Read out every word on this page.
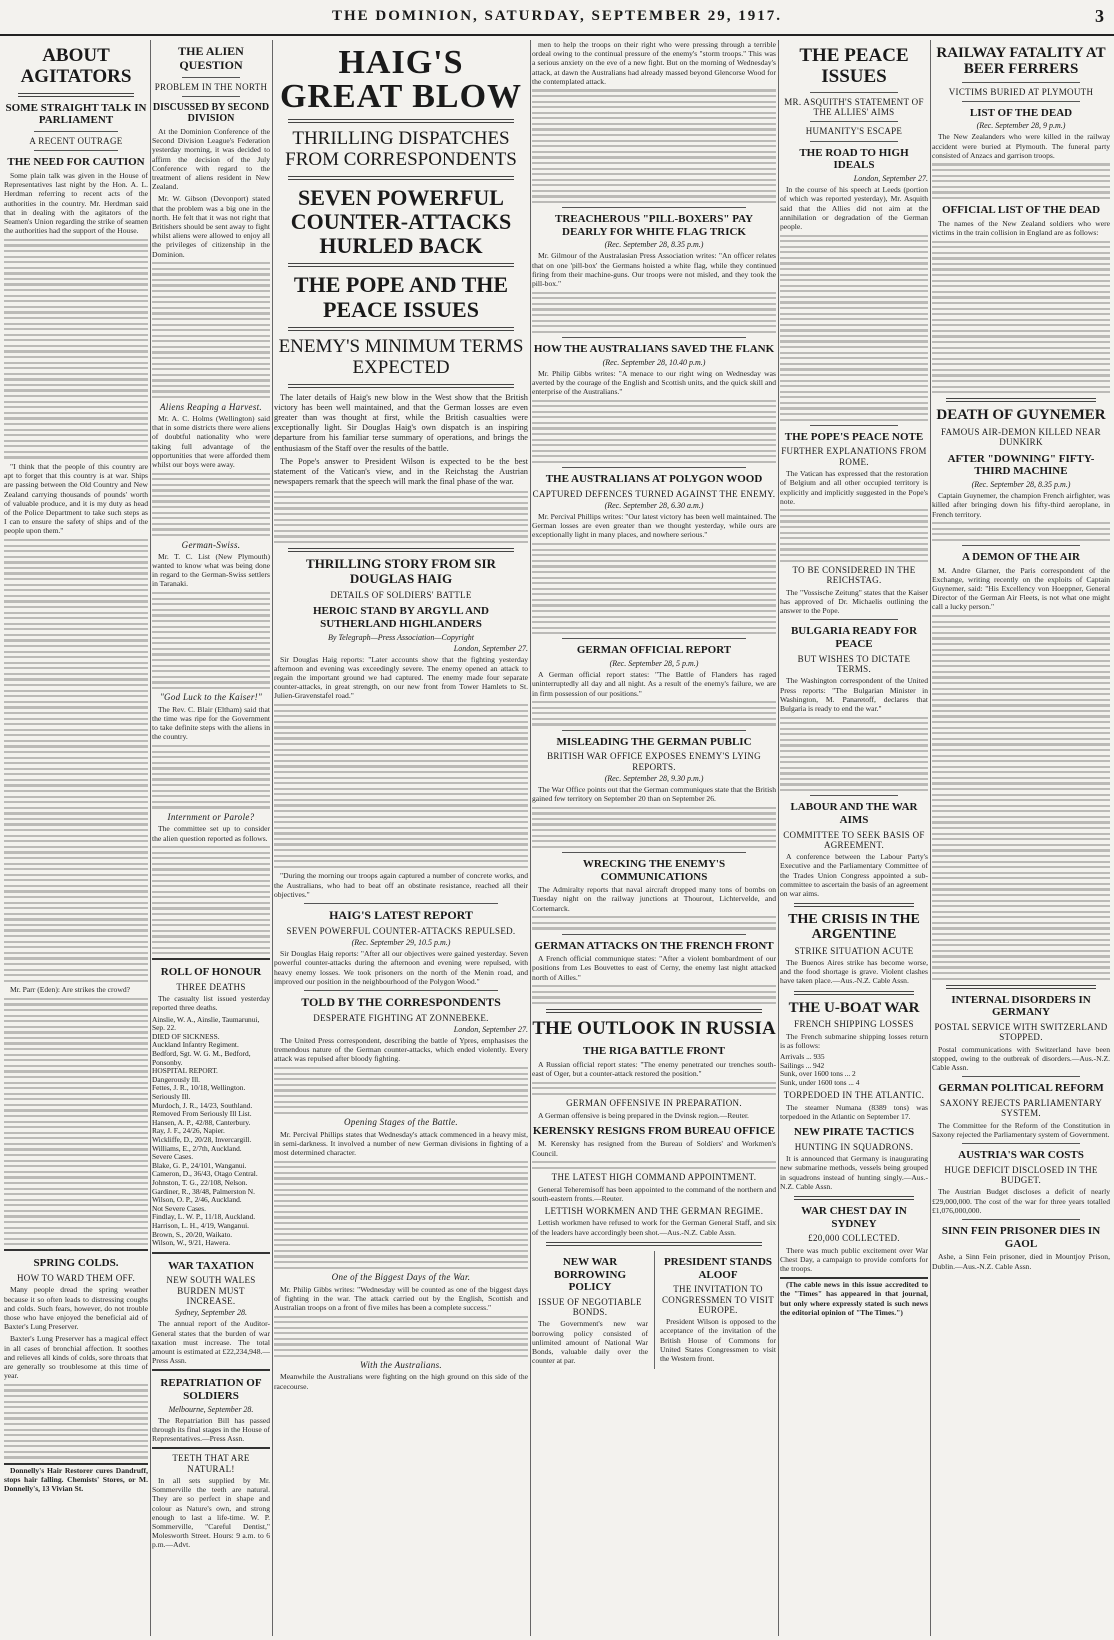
THE DOMINION, SATURDAY, SEPTEMBER 29, 1917.	3
ABOUT AGITATORS
SOME STRAIGHT TALK IN PARLIAMENT
A RECENT OUTRAGE
THE NEED FOR CAUTION

Some plain talk was given in the House of Representatives last night by the Hon. A. L. Herdman referring to recent acts of the authorities in the country. Mr. Herdman said that in dealing with the agitators of the Seamen's Union regarding the strike of seamen the authorities had the support of the House.

"I think that the people of this country are apt to forget that this country is at war. Ships are passing between the Old Country and New Zealand carrying thousands of pounds' worth of valuable produce, and it is my duty as head of the Police Department to take such steps as I can to ensure the safety of ships and of the people upon them."

Mr. Parr (Eden): Are strikes the crowd?

SPRING COLDS.
HOW TO WARD THEM OFF.

Many people dread the spring weather because it so often leads to distressing coughs and colds. Such fears, however, do not trouble those who have enjoyed the beneficial aid of Baxter's Lung Preserver.

Baxter's Lung Preserver has a magical effect in all cases of bronchial affection. It soothes and relieves all kinds of colds, sore throats that are generally so troublesome at this time of year.

Donnelly's Hair Restorer cures Dandruff, stops hair falling. Chemists' Stores, or M. Donnelly's, 13 Vivian St.

THE ALIEN QUESTION
PROBLEM IN THE NORTH
DISCUSSED BY SECOND DIVISION

At the Dominion Conference of the Second Division League's Federation yesterday morning, it was decided to affirm the decision of the July Conference with regard to the treatment of aliens resident in New Zealand.

Mr. W. Gibson (Devonport) stated that the problem was a big one in the north. He felt that it was not right that Britishers should be sent away to fight whilst aliens were allowed to enjoy all the privileges of citizenship in the Dominion.

Aliens Reaping a Harvest.

Mr. A. C. Holms (Wellington) said that in some districts there were aliens of doubtful nationality who were taking full advantage of the opportunities that were afforded them whilst our boys were away.

German-Swiss.

Mr. T. C. List (New Plymouth) wanted to know what was being done in regard to the German-Swiss settlers in Taranaki.

"God Luck to the Kaiser!"

The Rev. C. Blair (Eltham) said that the time was ripe for the Government to take definite steps with the aliens in the country.

Internment or Parole?

The committee set up to consider the alien question reported as follows.

ROLL OF HONOUR
THREE DEATHS

The casualty list issued yesterday reported three deaths.

Ainslie, W. A., Ainslie, Taumarunui, Sep. 22.
DIED OF SICKNESS.
Auckland Infantry Regiment.
Bedford, Sgt. W. G. M., Bedford, Ponsonby.
HOSPITAL REPORT.
Dangerously Ill.
Fettes, J. R., 10/18, Wellington.
Seriously Ill.
Murdoch, J. R., 14/23, Southland.
Removed From Seriously Ill List.
Hansen, A. P., 42/88, Canterbury.
Ray, J. F., 24/26, Napier.
Wickliffe, D., 20/28, Invercargill.
Williams, E., 2/7th, Auckland.
Severe Cases.
Blake, G. P., 24/101, Wanganui.
Cameron, D., 36/43, Otago Central.
Johnston, T. G., 22/108, Nelson.
Gardiner, R., 38/48, Palmerston N.
Wilson, O. P., 2/46, Auckland.
Not Severe Cases.
Findlay, L. W. P., 11/18, Auckland.
Harrison, L. H., 4/19, Wanganui.
Brown, S., 20/20, Waikato.
Wilson, W., 9/21, Hawera.
WAR TAXATION
NEW SOUTH WALES BURDEN MUST INCREASE.
Sydney, September 28.

The annual report of the Auditor-General states that the burden of war taxation must increase. The total amount is estimated at £22,234,948.—Press Assn.

REPATRIATION OF SOLDIERS
Melbourne, September 28.

The Repatriation Bill has passed through its final stages in the House of Representatives.—Press Assn.

TEETH THAT ARE NATURAL!

In all sets supplied by Mr. Sommerville the teeth are natural. They are so perfect in shape and colour as Nature's own, and strong enough to last a life-time. W. P. Sommerville, "Careful Dentist," Molesworth Street. Hours: 9 a.m. to 6 p.m.—Advt.

HAIG'S GREAT BLOW
THRILLING DISPATCHES FROM CORRESPONDENTS
SEVEN POWERFUL COUNTER-ATTACKS HURLED BACK
THE POPE AND THE PEACE ISSUES
ENEMY'S MINIMUM TERMS EXPECTED

The later details of Haig's new blow in the West show that the British victory has been well maintained, and that the German losses are even greater than was thought at first, while the British casualties were exceptionally light. Sir Douglas Haig's own dispatch is an inspiring departure from his familiar terse summary of operations, and brings the enthusiasm of the Staff over the results of the battle.

The Pope's answer to President Wilson is expected to be the best statement of the Vatican's view, and in the Reichstag the Austrian newspapers remark that the speech will mark the final phase of the war.

THRILLING STORY FROM SIR DOUGLAS HAIG
DETAILS OF SOLDIERS' BATTLE
HEROIC STAND BY ARGYLL AND SUTHERLAND HIGHLANDERS
By Telegraph—Press Association—Copyright
London, September 27.

Sir Douglas Haig reports: "Later accounts show that the fighting yesterday afternoon and evening was exceedingly severe. The enemy opened an attack to regain the important ground we had captured. The enemy made four separate counter-attacks, in great strength, on our new front from Tower Hamlets to St. Julien-Gravenstafel road."

"During the morning our troops again captured a number of concrete works, and the Australians, who had to beat off an obstinate resistance, reached all their objectives."

HAIG'S LATEST REPORT
SEVEN POWERFUL COUNTER-ATTACKS REPULSED.
(Rec. September 29, 10.5 p.m.)

Sir Douglas Haig reports: "After all our objectives were gained yesterday. Seven powerful counter-attacks during the afternoon and evening were repulsed, with heavy enemy losses. We took prisoners on the north of the Menin road, and improved our position in the neighbourhood of the Polygon Wood."

TOLD BY THE CORRESPONDENTS
DESPERATE FIGHTING AT ZONNEBEKE.
London, September 27.

The United Press correspondent, describing the battle of Ypres, emphasises the tremendous nature of the German counter-attacks, which ended violently. Every attack was repulsed after bloody fighting.

Opening Stages of the Battle.

Mr. Percival Phillips states that Wednesday's attack commenced in a heavy mist, in semi-darkness. It involved a number of new German divisions in fighting of a most determined character.

One of the Biggest Days of the War.

Mr. Philip Gibbs writes: "Wednesday will be counted as one of the biggest days of fighting in the war. The attack carried out by the English, Scottish and Australian troops on a front of five miles has been a complete success."

With the Australians.

Meanwhile the Australians were fighting on the high ground on this side of the racecourse.

men to help the troops on their right who were pressing through a terrible ordeal owing to the continual pressure of the enemy's "storm troops." This was a serious anxiety on the eve of a new fight. But on the morning of Wednesday's attack, at dawn the Australians had already massed beyond Glencorse Wood for the contemplated attack.

TREACHEROUS "PILL-BOXERS" PAY DEARLY FOR WHITE FLAG TRICK
(Rec. September 28, 8.35 p.m.)

Mr. Gilmour of the Australasian Press Association writes: "An officer relates that on one 'pill-box' the Germans hoisted a white flag, while they continued firing from their machine-guns. Our troops were not misled, and they took the pill-box."

HOW THE AUSTRALIANS SAVED THE FLANK
(Rec. September 28, 10.40 p.m.)

Mr. Philip Gibbs writes: "A menace to our right wing on Wednesday was averted by the courage of the English and Scottish units, and the quick skill and enterprise of the Australians."

THE AUSTRALIANS AT POLYGON WOOD
CAPTURED DEFENCES TURNED AGAINST THE ENEMY.
(Rec. September 28, 6.30 a.m.)

Mr. Percival Phillips writes: "Our latest victory has been well maintained. The German losses are even greater than we thought yesterday, while ours are exceptionally light in many places, and nowhere serious."

GERMAN OFFICIAL REPORT
(Rec. September 28, 5 p.m.)

A German official report states: "The Battle of Flanders has raged uninterruptedly all day and all night. As a result of the enemy's failure, we are in firm possession of our positions."

MISLEADING THE GERMAN PUBLIC
BRITISH WAR OFFICE EXPOSES ENEMY'S LYING REPORTS.
(Rec. September 28, 9.30 p.m.)

The War Office points out that the German communiques state that the British gained few territory on September 20 than on September 26.

WRECKING THE ENEMY'S COMMUNICATIONS

The Admiralty reports that naval aircraft dropped many tons of bombs on Tuesday night on the railway junctions at Thourout, Lichtervelde, and Cortemarck.

GERMAN ATTACKS ON THE FRENCH FRONT

A French official communique states: "After a violent bombardment of our positions from Les Bouvettes to east of Cerny, the enemy last night attacked north of Ailles."

THE OUTLOOK IN RUSSIA
THE RIGA BATTLE FRONT

A Russian official report states: "The enemy penetrated our trenches south-east of Oger, but a counter-attack restored the position."

GERMAN OFFENSIVE IN PREPARATION.

A German offensive is being prepared in the Dvinsk region.—Reuter.

KERENSKY RESIGNS FROM BUREAU OFFICE

M. Kerensky has resigned from the Bureau of Soldiers' and Workmen's Council.

THE LATEST HIGH COMMAND APPOINTMENT.

General Teheremisoff has been appointed to the command of the northern and south-eastern fronts.—Reuter.

LETTISH WORKMEN AND THE GERMAN REGIME.

Lettish workmen have refused to work for the German General Staff, and six of the leaders have accordingly been shot.—Aus.-N.Z. Cable Assn.

NEW WAR BORROWING POLICY
ISSUE OF NEGOTIABLE BONDS.

The Government's new war borrowing policy consisted of unlimited amount of National War Bonds, valuable daily over the counter at par.

PRESIDENT STANDS ALOOF
THE INVITATION TO CONGRESSMEN TO VISIT EUROPE.

President Wilson is opposed to the acceptance of the invitation of the British House of Commons for United States Congressmen to visit the Western front.

THE PEACE ISSUES
MR. ASQUITH'S STATEMENT OF THE ALLIES' AIMS
HUMANITY'S ESCAPE
THE ROAD TO HIGH IDEALS
London, September 27.

In the course of his speech at Leeds (portion of which was reported yesterday), Mr. Asquith said that the Allies did not aim at the annihilation or degradation of the German people.

THE POPE'S PEACE NOTE
FURTHER EXPLANATIONS FROM ROME.

The Vatican has expressed that the restoration of Belgium and all other occupied territory is explicitly and implicitly suggested in the Pope's note.

TO BE CONSIDERED IN THE REICHSTAG.

The "Vossische Zeitung" states that the Kaiser has approved of Dr. Michaelis outlining the answer to the Pope.

BULGARIA READY FOR PEACE
BUT WISHES TO DICTATE TERMS.

The Washington correspondent of the United Press reports: "The Bulgarian Minister in Washington, M. Panaretoff, declares that Bulgaria is ready to end the war."

LABOUR AND THE WAR AIMS
COMMITTEE TO SEEK BASIS OF AGREEMENT.

A conference between the Labour Party's Executive and the Parliamentary Committee of the Trades Union Congress appointed a sub-committee to ascertain the basis of an agreement on war aims.

THE CRISIS IN THE ARGENTINE
STRIKE SITUATION ACUTE

The Buenos Aires strike has become worse, and the food shortage is grave. Violent clashes have taken place.—Aus.-N.Z. Cable Assn.

THE U-BOAT WAR
FRENCH SHIPPING LOSSES

The French submarine shipping losses return is as follows:

Arrivals ... 935
Sailings ... 942
Sunk, over 1600 tons ... 2
Sunk, under 1600 tons ... 4
TORPEDOED IN THE ATLANTIC.

The steamer Numana (8389 tons) was torpedoed in the Atlantic on September 17.

NEW PIRATE TACTICS
HUNTING IN SQUADRONS.

It is announced that Germany is inaugurating new submarine methods, vessels being grouped in squadrons instead of hunting singly.—Aus.-N.Z. Cable Assn.

WAR CHEST DAY IN SYDNEY
£20,000 COLLECTED.

There was much public excitement over War Chest Day, a campaign to provide comforts for the troops.

(The cable news in this issue accredited to the "Times" has appeared in that journal, but only where expressly stated is such news the editorial opinion of "The Times.")

RAILWAY FATALITY AT BEER FERRERS
VICTIMS BURIED AT PLYMOUTH
LIST OF THE DEAD
(Rec. September 28, 9 p.m.)

The New Zealanders who were killed in the railway accident were buried at Plymouth. The funeral party consisted of Anzacs and garrison troops.

OFFICIAL LIST OF THE DEAD

The names of the New Zealand soldiers who were victims in the train collision in England are as follows:

DEATH OF GUYNEMER
FAMOUS AIR-DEMON KILLED NEAR DUNKIRK
AFTER "DOWNING" FIFTY-THIRD MACHINE
(Rec. September 28, 8.35 p.m.)

Captain Guynemer, the champion French airfighter, was killed after bringing down his fifty-third aeroplane, in French territory.

A DEMON OF THE AIR

M. Andre Glarner, the Paris correspondent of the Exchange, writing recently on the exploits of Captain Guynemer, said: "His Excellency von Hoeppner, General Director of the German Air Fleets, is not what one might call a lucky person."

INTERNAL DISORDERS IN GERMANY
POSTAL SERVICE WITH SWITZERLAND STOPPED.

Postal communications with Switzerland have been stopped, owing to the outbreak of disorders.—Aus.-N.Z. Cable Assn.

GERMAN POLITICAL REFORM
SAXONY REJECTS PARLIAMENTARY SYSTEM.

The Committee for the Reform of the Constitution in Saxony rejected the Parliamentary system of Government.

AUSTRIA'S WAR COSTS
HUGE DEFICIT DISCLOSED IN THE BUDGET.

The Austrian Budget discloses a deficit of nearly £29,000,000. The cost of the war for three years totalled £1,076,000,000.

SINN FEIN PRISONER DIES IN GAOL

Ashe, a Sinn Fein prisoner, died in Mountjoy Prison, Dublin.—Aus.-N.Z. Cable Assn.
